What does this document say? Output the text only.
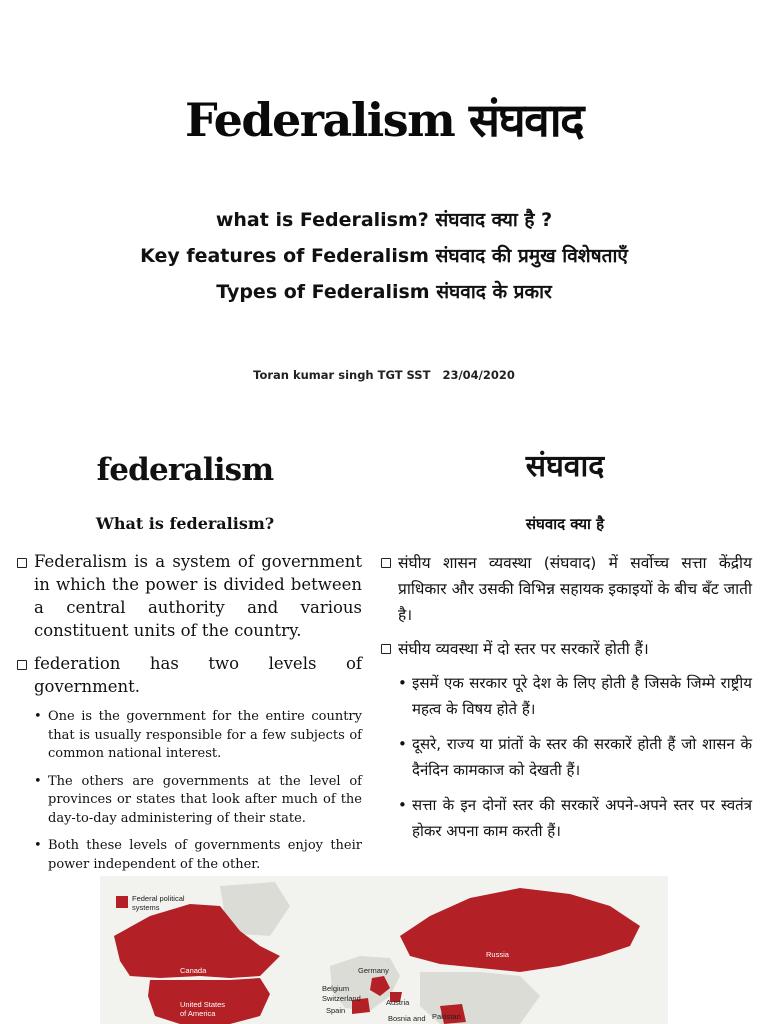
Federalism संघवाद
what is Federalism? संघवाद क्या है ?
Key features of Federalism संघवाद की प्रमुख विशेषताएँ
Types of Federalism संघवाद के प्रकार
Toran kumar singh TGT SST 23/04/2020
federalism	संघवाद
What is federalism?	संघवाद क्या है
Federalism is a system of government in which the power is divided between a central authority and various constituent units of the country.
federation has two levels of government.
• One is the government for the entire country that is usually responsible for a few subjects of common national interest.
• The others are governments at the level of provinces or states that look after much of the day-to-day administering of their state.
• Both these levels of governments enjoy their power independent of the other.
संघीय शासन व्यवस्था (संघवाद) में सर्वोच्च सत्ता केंद्रीय प्राधिकार और उसकी विभिन्न सहायक इकाइयों के बीच बँट जाती है।
संघीय व्यवस्था में दो स्तर पर सरकारें होती हैं।
• इसमें एक सरकार पूरे देश के लिए होती है जिसके जिम्मे राष्ट्रीय महत्व के विषय होते हैं।
• दूसरे, राज्य या प्रांतों के स्तर की सरकारें होती हैं जो शासन के दैनंदिन कामकाज को देखती हैं।
• सत्ता के इन दोनों स्तर की सरकारें अपने-अपने स्तर पर स्वतंत्र होकर अपना काम करती हैं।
Federal political systems
Canada
United States of America
Russia
Germany
Belgium
Switzerland
Spain
Austria
Bosnia and Pakistan
